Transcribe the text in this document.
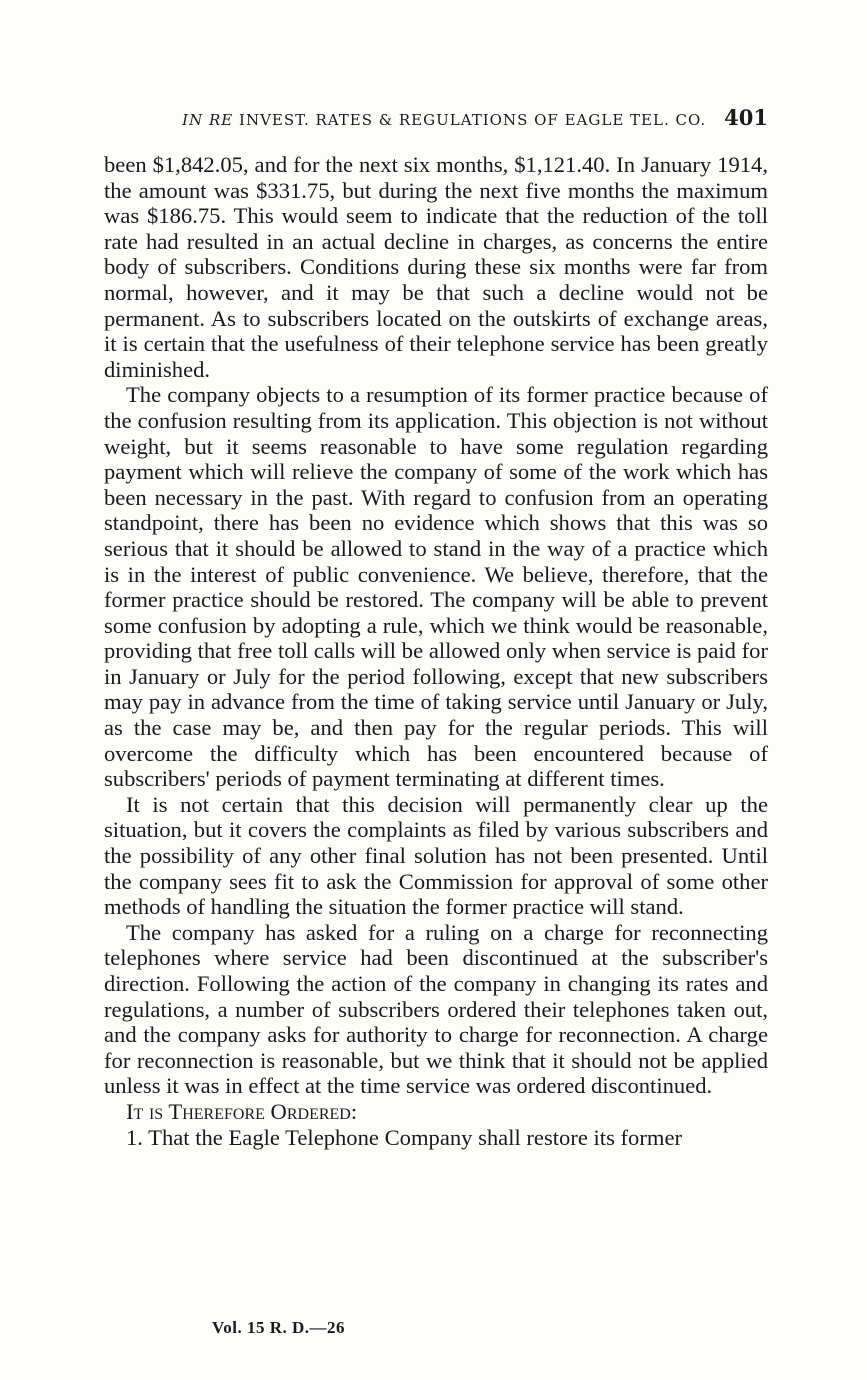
IN RE INVEST. RATES & REGULATIONS OF EAGLE TEL. CO. 401

been $1,842.05, and for the next six months, $1,121.40. In January 1914, the amount was $331.75, but during the next five months the maximum was $186.75. This would seem to indicate that the reduction of the toll rate had resulted in an actual decline in charges, as concerns the entire body of subscribers. Conditions during these six months were far from normal, however, and it may be that such a decline would not be permanent. As to subscribers located on the outskirts of exchange areas, it is certain that the usefulness of their telephone service has been greatly diminished.

The company objects to a resumption of its former practice because of the confusion resulting from its application. This objection is not without weight, but it seems reasonable to have some regulation regarding payment which will relieve the company of some of the work which has been necessary in the past. With regard to confusion from an operating standpoint, there has been no evidence which shows that this was so serious that it should be allowed to stand in the way of a practice which is in the interest of public convenience. We believe, therefore, that the former practice should be restored. The company will be able to prevent some confusion by adopting a rule, which we think would be reasonable, providing that free toll calls will be allowed only when service is paid for in January or July for the period following, except that new subscribers may pay in advance from the time of taking service until January or July, as the case may be, and then pay for the regular periods. This will overcome the difficulty which has been encountered because of subscribers' periods of payment terminating at different times.

It is not certain that this decision will permanently clear up the situation, but it covers the complaints as filed by various subscribers and the possibility of any other final solution has not been presented. Until the company sees fit to ask the Commission for approval of some other methods of handling the situation the former practice will stand.

The company has asked for a ruling on a charge for reconnecting telephones where service had been discontinued at the subscriber's direction. Following the action of the company in changing its rates and regulations, a number of subscribers ordered their telephones taken out, and the company asks for authority to charge for reconnection. A charge for reconnection is reasonable, but we think that it should not be applied unless it was in effect at the time service was ordered discontinued.

It is Therefore Ordered:

1. That the Eagle Telephone Company shall restore its former

Vol. 15 R. D.—26
